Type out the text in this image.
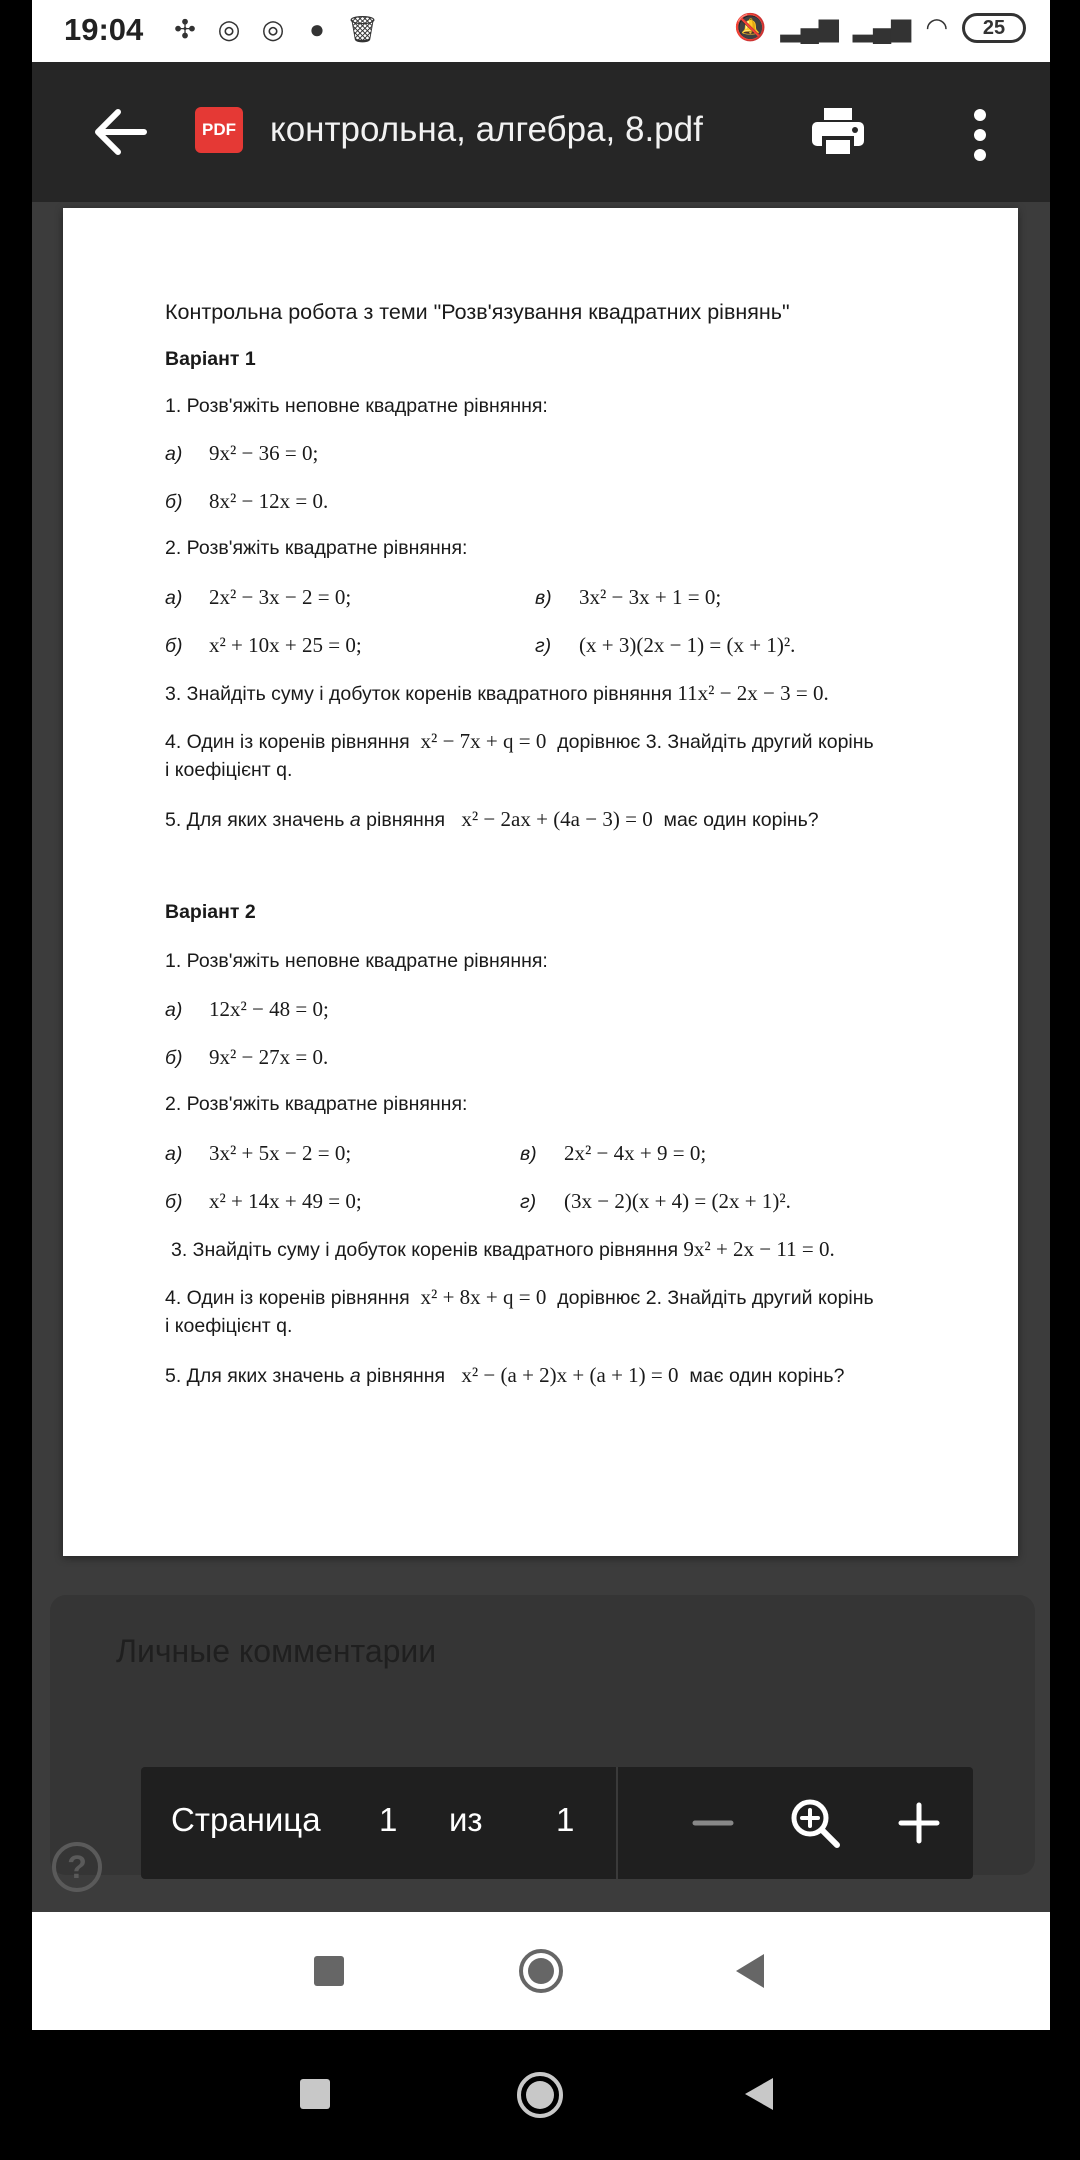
19:04 ✣ ◎ ◎ ● 🗑	🔕 ▂▄▆ ▂▄▆ ◠	25
Личные комментарии
?
PDF контрольна, алгебра, 8.pdf
Контрольна робота з теми "Розв'язування квадратних рівнянь"
Варіант 1
1. Розв'яжіть неповне квадратне рівняння:
а) 9x² − 36 = 0;
б) 8x² − 12x = 0.
2. Розв'яжіть квадратне рівняння:
а) 2x² − 3x − 2 = 0;	в) 3x² − 3x + 1 = 0;
б) x² + 10x + 25 = 0;	г) (x + 3)(2x − 1) = (x + 1)².
3. Знайдіть суму і добуток коренів квадратного рівняння 11x² − 2x − 3 = 0.
4. Один із коренів рівняння x² − 7x + q = 0 дорівнює 3. Знайдіть другий корінь
і коефіцієнт q.
5. Для яких значень a рівняння x² − 2ax + (4a − 3) = 0 має один корінь?
Варіант 2
1. Розв'яжіть неповне квадратне рівняння:
а) 12x² − 48 = 0;
б) 9x² − 27x = 0.
2. Розв'яжіть квадратне рівняння:
а) 3x² + 5x − 2 = 0;	в) 2x² − 4x + 9 = 0;
б) x² + 14x + 49 = 0;	г) (3x − 2)(x + 4) = (2x + 1)².
3. Знайдіть суму і добуток коренів квадратного рівняння 9x² + 2x − 11 = 0.
4. Один із коренів рівняння x² + 8x + q = 0 дорівнює 2. Знайдіть другий корінь
і коефіцієнт q.
5. Для яких значень a рівняння x² − (a + 2)x + (a + 1) = 0 має один корінь?
Страница 1 из 1
